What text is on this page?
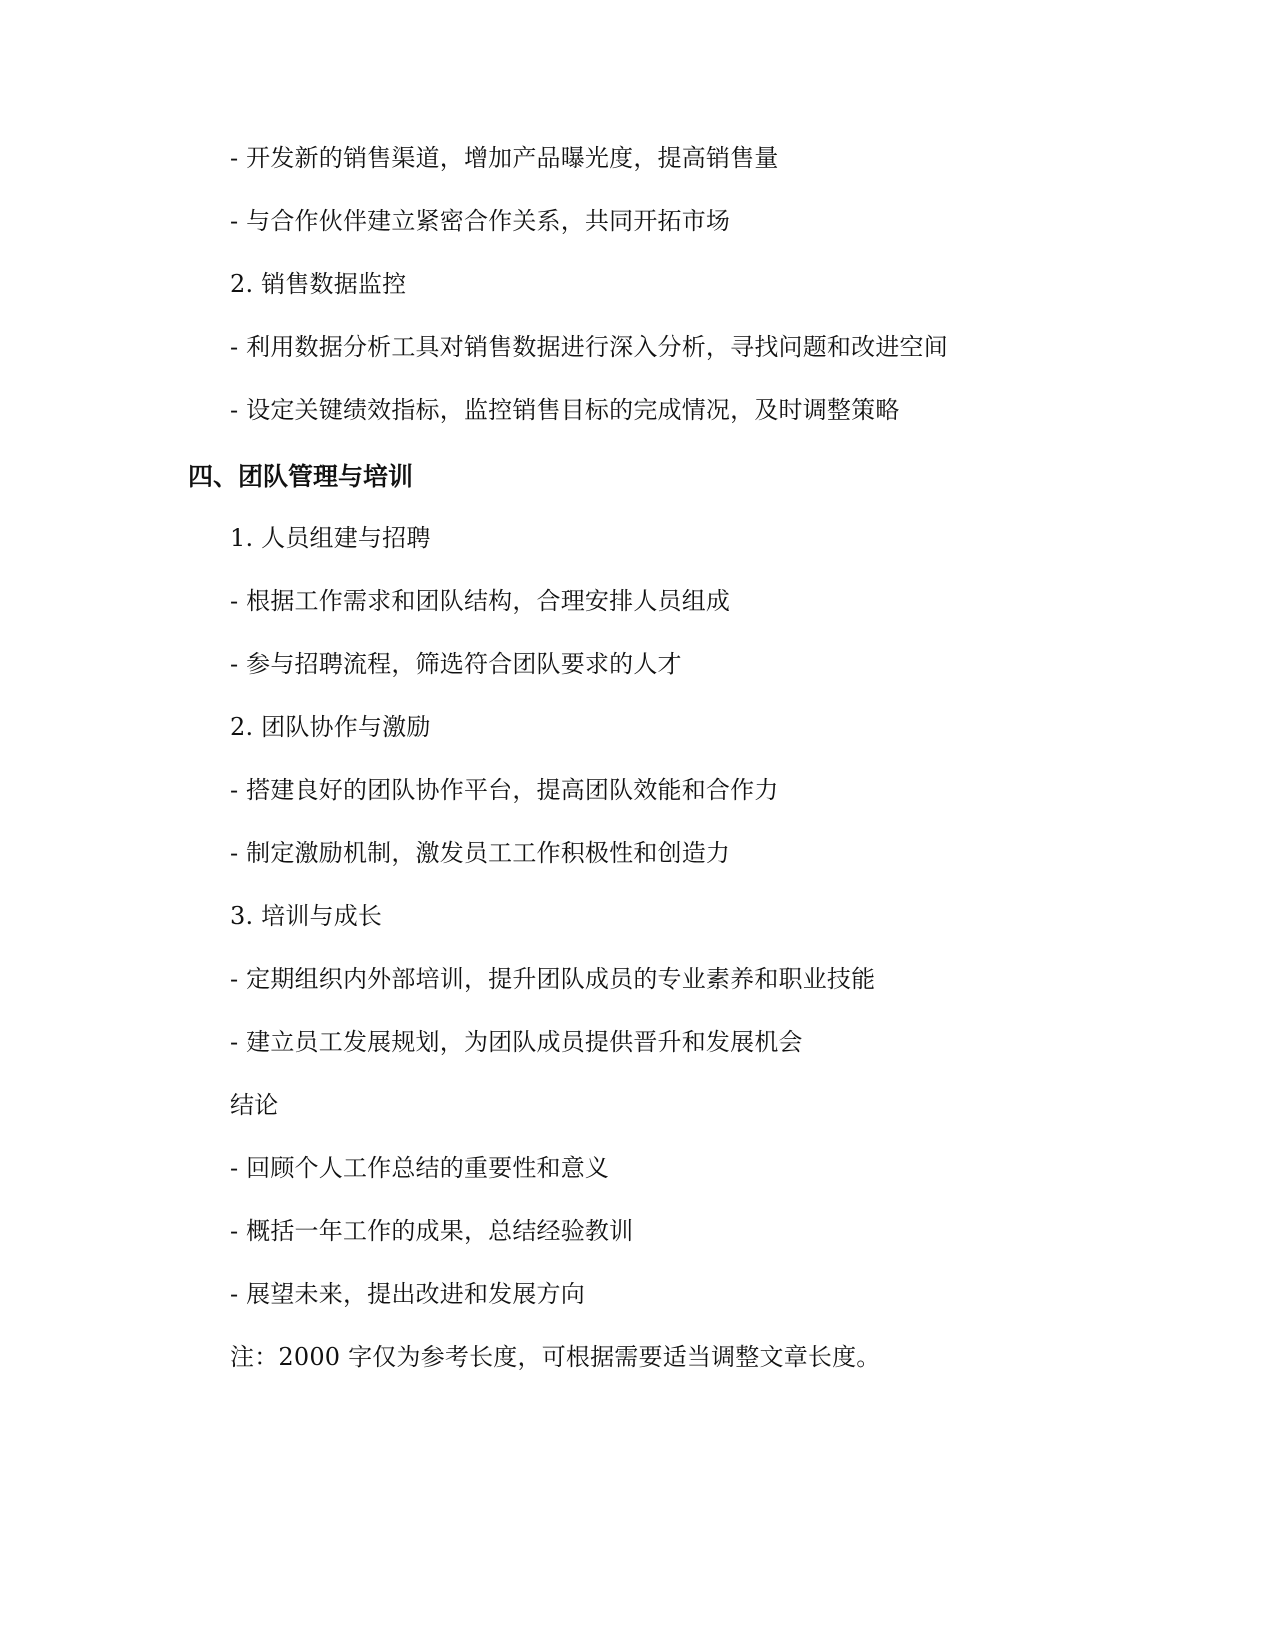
- 开发新的销售渠道，增加产品曝光度，提高销售量
- 与合作伙伴建立紧密合作关系，共同开拓市场
2. 销售数据监控
- 利用数据分析工具对销售数据进行深入分析，寻找问题和改进空间
- 设定关键绩效指标，监控销售目标的完成情况，及时调整策略
四、团队管理与培训
1. 人员组建与招聘
- 根据工作需求和团队结构，合理安排人员组成
- 参与招聘流程，筛选符合团队要求的人才
2. 团队协作与激励
- 搭建良好的团队协作平台，提高团队效能和合作力
- 制定激励机制，激发员工工作积极性和创造力
3. 培训与成长
- 定期组织内外部培训，提升团队成员的专业素养和职业技能
- 建立员工发展规划，为团队成员提供晋升和发展机会
结论
- 回顾个人工作总结的重要性和意义
- 概括一年工作的成果，总结经验教训
- 展望未来，提出改进和发展方向
注：2000 字仅为参考长度，可根据需要适当调整文章长度。
